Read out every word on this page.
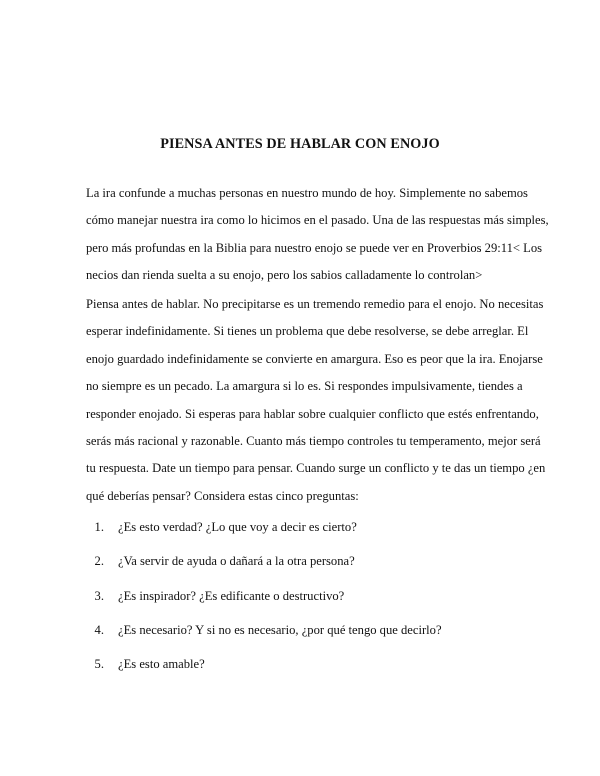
PIENSA ANTES DE HABLAR CON ENOJO

La ira confunde a muchas personas en nuestro mundo de hoy. Simplemente no sabemos
cómo manejar nuestra ira como lo hicimos en el pasado. Una de las respuestas más simples,
pero más profundas en la Biblia para nuestro enojo se puede ver en Proverbios 29:11< Los
necios dan rienda suelta a su enojo, pero los sabios calladamente lo controlan>

Piensa antes de hablar. No precipitarse es un tremendo remedio para el enojo. No necesitas
esperar indefinidamente. Si tienes un problema que debe resolverse, se debe arreglar. El
enojo guardado indefinidamente se convierte en amargura. Eso es peor que la ira. Enojarse
no siempre es un pecado. La amargura si lo es. Si respondes impulsivamente, tiendes a
responder enojado. Si esperas para hablar sobre cualquier conflicto que estés enfrentando,
serás más racional y razonable. Cuanto más tiempo controles tu temperamento, mejor será
tu respuesta. Date un tiempo para pensar. Cuando surge un conflicto y te das un tiempo ¿en
qué deberías pensar? Considera estas cinco preguntas:

1. ¿Es esto verdad? ¿Lo que voy a decir es cierto?
2. ¿Va servir de ayuda o dañará a la otra persona?
3. ¿Es inspirador? ¿Es edificante o destructivo?
4. ¿Es necesario? Y si no es necesario, ¿por qué tengo que decirlo?
5. ¿Es esto amable?
